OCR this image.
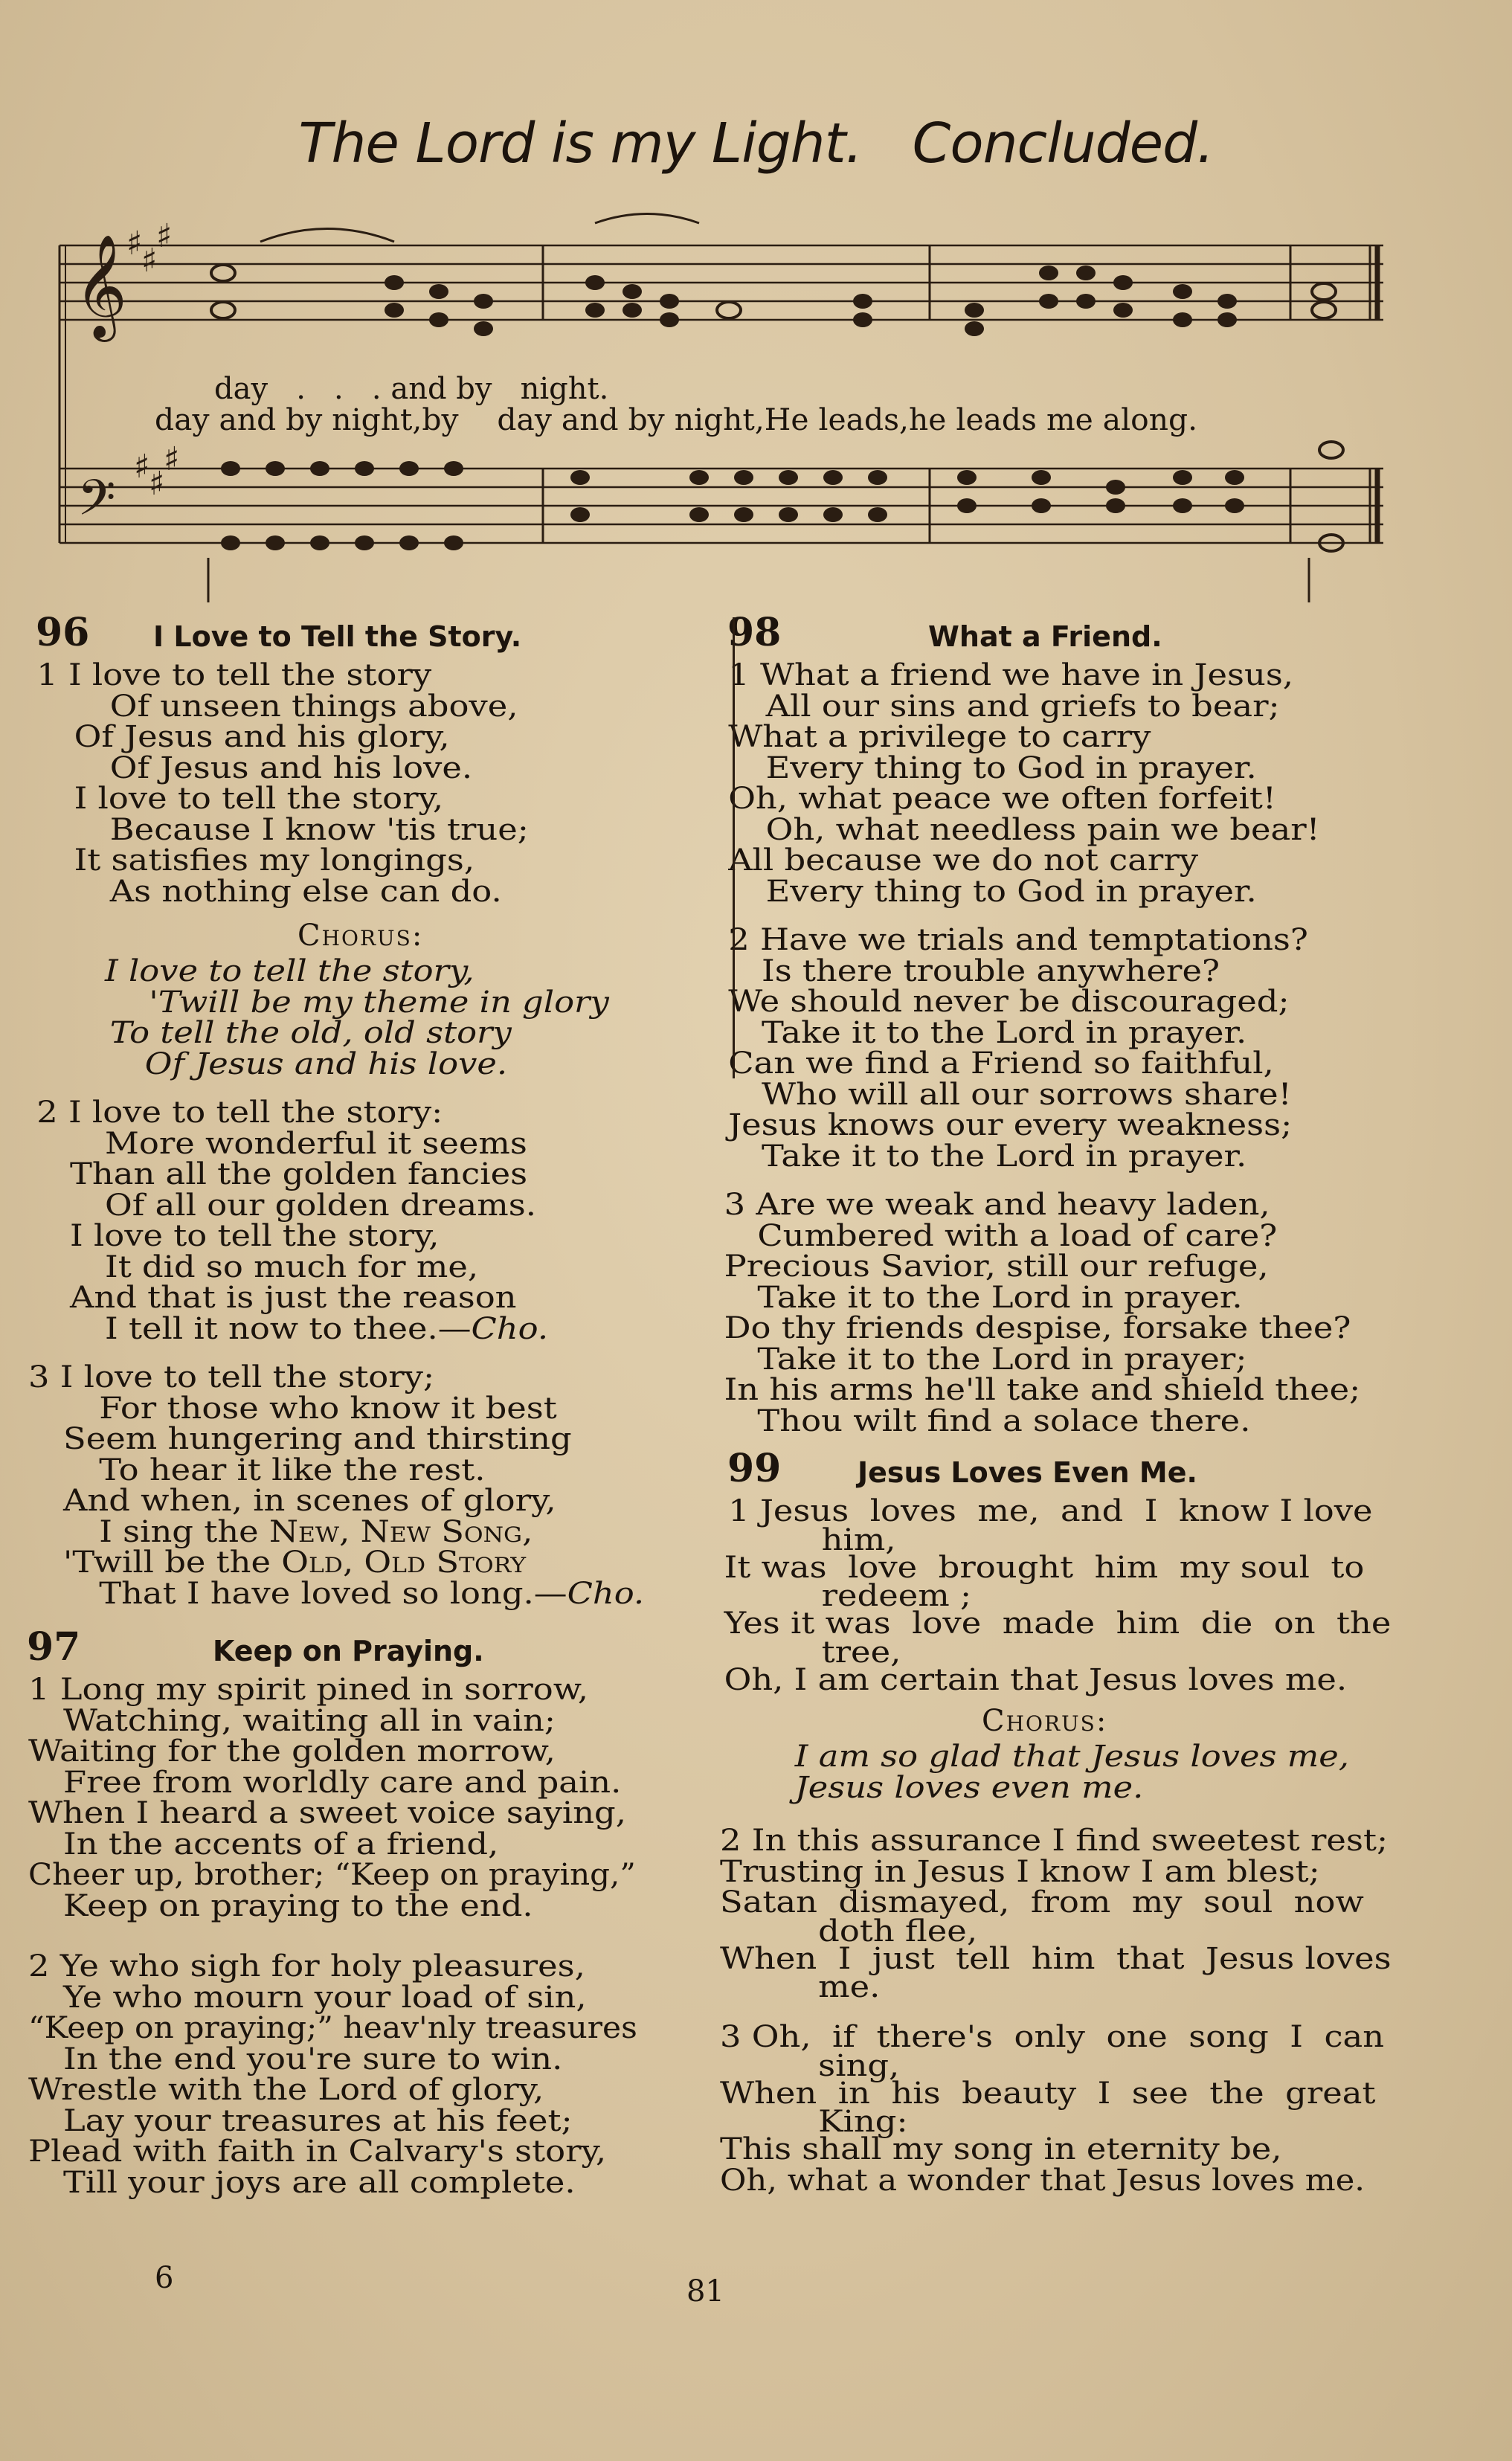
The Lord is my Light.   Concluded.
𝄞
𝄢
♯
♯
♯
♯
♯
♯
day   .   .   . and by   night.
day and by night,by    day and by night,He leads,he leads me along.
96 I Love to Tell the Story.
1 I love to tell the story
Of unseen things above,
Of Jesus and his glory,
Of Jesus and his love.
I love to tell the story,
Because I know 'tis true;
It satisfies my longings,
As nothing else can do.
Chorus:
I love to tell the story,
'Twill be my theme in glory
To tell the old, old story
Of Jesus and his love.
2 I love to tell the story:
More wonderful it seems
Than all the golden fancies
Of all our golden dreams.
I love to tell the story,
It did so much for me,
And that is just the reason
I tell it now to thee.—Cho.
3 I love to tell the story;
For those who know it best
Seem hungering and thirsting
To hear it like the rest.
And when, in scenes of glory,
I sing the New, New Song,
'Twill be the Old, Old Story
That I have loved so long.—Cho.
97	Keep on Praying.
1 Long my spirit pined in sorrow,
Watching, waiting all in vain;
Waiting for the golden morrow,
Free from worldly care and pain.
When I heard a sweet voice saying,
In the accents of a friend,
Cheer up, brother; “Keep on praying,”
Keep on praying to the end.
2 Ye who sigh for holy pleasures,
Ye who mourn your load of sin,
“Keep on praying;” heav'nly treasures
In the end you're sure to win.
Wrestle with the Lord of glory,
Lay your treasures at his feet;
Plead with faith in Calvary's story,
Till your joys are all complete.
98	What a Friend.
1 What a friend we have in Jesus,
All our sins and griefs to bear;
What a privilege to carry
Every thing to God in prayer.
Oh, what peace we often forfeit!
Oh, what needless pain we bear!
All because we do not carry
Every thing to God in prayer.
2 Have we trials and temptations?
Is there trouble anywhere?
We should never be discouraged;
Take it to the Lord in prayer.
Can we find a Friend so faithful,
Who will all our sorrows share!
Jesus knows our every weakness;
Take it to the Lord in prayer.
3 Are we weak and heavy laden,
Cumbered with a load of care?
Precious Savior, still our refuge,
Take it to the Lord in prayer.
Do thy friends despise, forsake thee?
Take it to the Lord in prayer;
In his arms he'll take and shield thee;
Thou wilt find a solace there.
99	Jesus Loves Even Me.
1 Jesus  loves  me,  and  I  know I love
him,
It was  love  brought  him  my soul  to
redeem ;
Yes it was  love  made  him  die  on  the
tree,
Oh, I am certain that Jesus loves me.
Chorus:
I am so glad that Jesus loves me,
Jesus loves even me.
2 In this assurance I find sweetest rest;
Trusting in Jesus I know I am blest;
Satan  dismayed,  from  my  soul  now
doth flee,
When  I  just  tell  him  that  Jesus loves
me.
3 Oh,  if  there's  only  one  song  I  can
sing,
When  in  his  beauty  I  see  the  great
King:
This shall my song in eternity be,
Oh, what a wonder that Jesus loves me.
6	81
